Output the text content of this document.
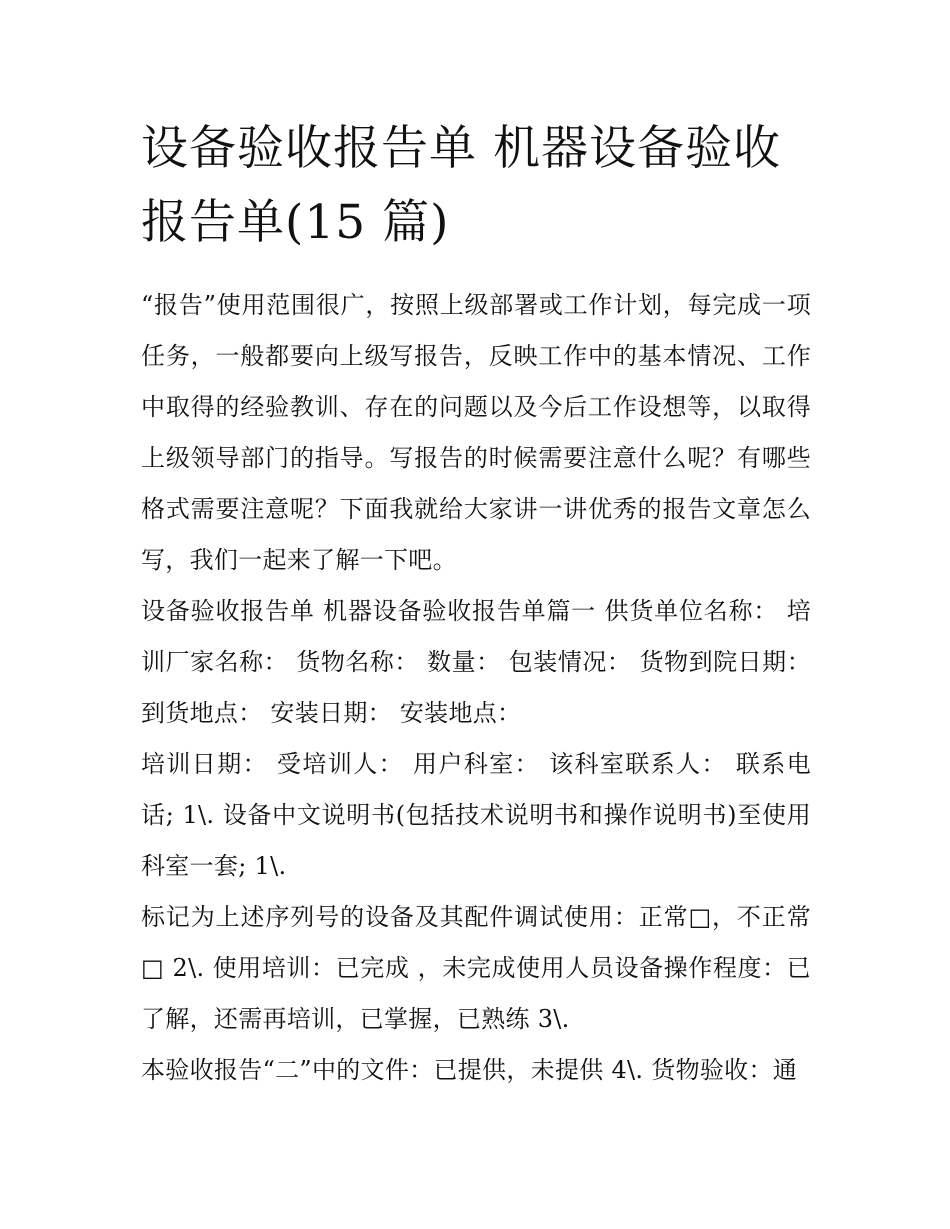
设备验收报告单 机器设备验收报告单(15 篇)

“报告”使用范围很广，按照上级部署或工作计划，每完成一项任务，一般都要向上级写报告，反映工作中的基本情况、工作中取得的经验教训、存在的问题以及今后工作设想等，以取得上级领导部门的指导。写报告的时候需要注意什么呢？有哪些格式需要注意呢？下面我就给大家讲一讲优秀的报告文章怎么写，我们一起来了解一下吧。

设备验收报告单 机器设备验收报告单篇一 供货单位名称： 培训厂家名称： 货物名称： 数量： 包装情况： 货物到院日期： 到货地点： 安装日期： 安装地点：

培训日期： 受培训人： 用户科室： 该科室联系人： 联系电话; 1\. 设备中文说明书(包括技术说明书和操作说明书)至使用科室一套; 1\.

标记为上述序列号的设备及其配件调试使用：正常□，不正常□ 2\. 使用培训：已完成 ，未完成使用人员设备操作程度：已了解，还需再培训，已掌握，已熟练 3\.

本验收报告“二”中的文件：已提供，未提供 4\. 货物验收：通
